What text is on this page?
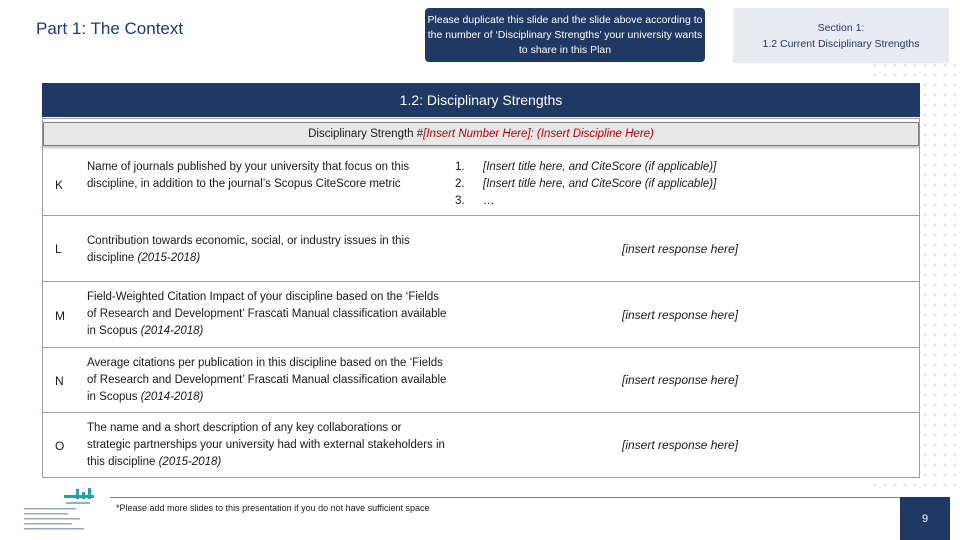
Part 1: The Context	Please duplicate this slide and the slide above according to the number of ‘Disciplinary Strengths’ your university wants to share in this Plan
Section 1:
1.2 Current Disciplinary Strengths
1.2: Disciplinary Strengths
Disciplinary Strength # [Insert Number Here]: (Insert Discipline Here)
K
Name of journals published by your university that focus on this discipline, in addition to the journal’s Scopus CiteScore metric
1. [Insert title here, and CiteScore (if applicable)]
2. [Insert title here, and CiteScore (if applicable)]
3. …
L
Contribution towards economic, social, or industry issues in this discipline (2015-2018)
[insert response here]
M
Field-Weighted Citation Impact of your discipline based on the ‘Fields of Research and Development’ Frascati Manual classification available in Scopus (2014-2018)
[insert response here]
N
Average citations per publication in this discipline based on the ‘Fields of Research and Development’ Frascati Manual classification available in Scopus (2014-2018)
[insert response here]
O
The name and a short description of any key collaborations or strategic partnerships your university had with external stakeholders in this discipline (2015-2018)
[insert response here]
*Please add more slides to this presentation if you do not have sufficient space
9
